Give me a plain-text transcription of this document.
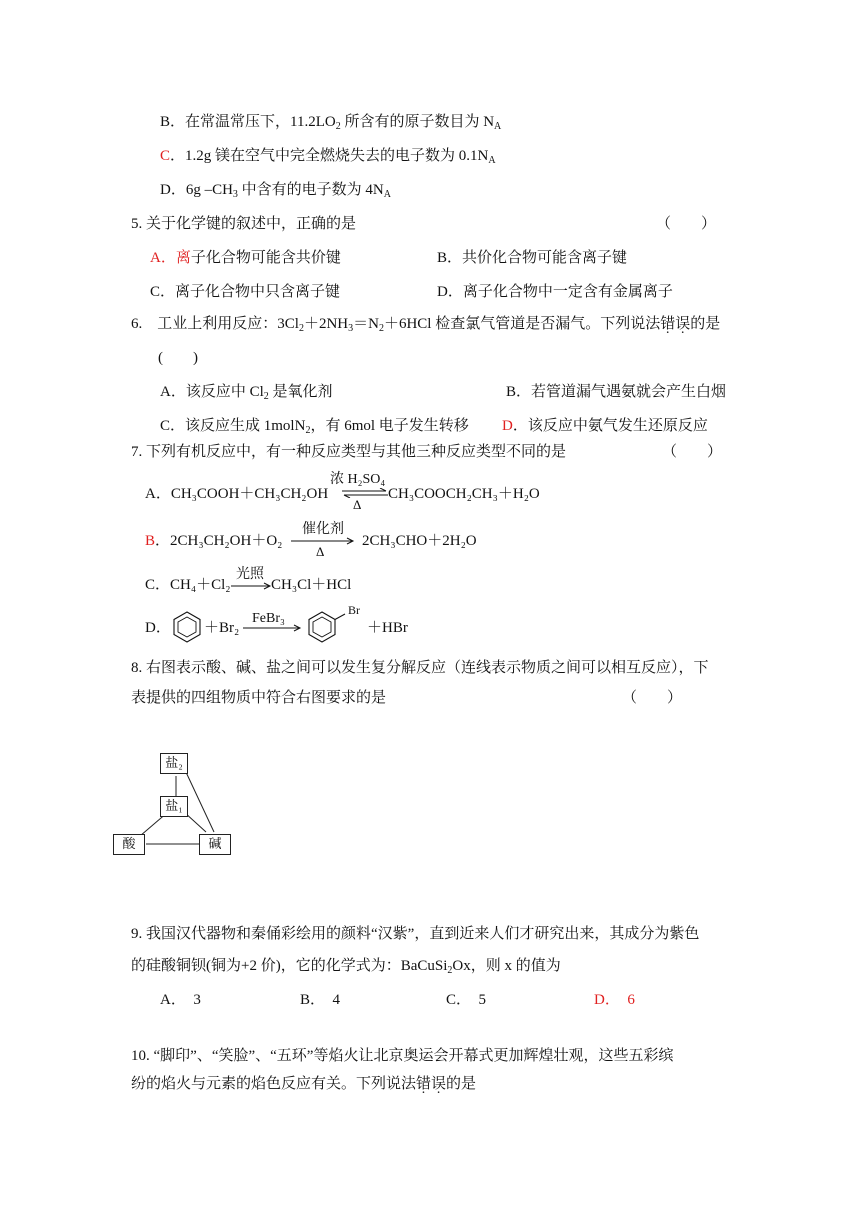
B．在常温常压下，$11.2LO_2$ 所含有的原子数目为 $N_A$
C．1.2g 镁在空气中完全燃烧失去的电子数为 $0.1N_A$
D．6g $-CH_3$ 中含有的电子数为 $4N_A$
5. 关于化学键的叙述中，正确的是	（　　）
A．离子化合物可能含共价键	B．共价化合物可能含离子键
C．离子化合物中只含离子键	D．离子化合物中一定含有金属离子
6.　工业上利用反应：$3Cl_2+2NH_3=N_2+6HCl$ 检查氯气管道是否漏气。下列说法错误的是
(　　)
A．该反应中 $Cl_2$ 是氧化剂	B．若管道漏气遇氨就会产生白烟
C．该反应生成 1molN$_2$，有 6mol 电子发生转移 D．该反应中氨气发生还原反应
7. 下列有机反应中，有一种反应类型与其他三种反应类型不同的是	（　　）
A．CH₃COOH＋CH₃CH₂OH
浓 H₂SO₄
Δ
CH₃COOCH₂CH₃＋H₂O
B．2CH₃CH₂OH＋O₂
催化剂
Δ
2CH₃CHO＋2H₂O
C．CH₄＋Cl₂
光照
CH₃Cl＋HCl
D． ＋Br₂
FeBr₃
Br
＋HBr
8. 右图表示酸、碱、盐之间可以发生复分解反应（连线表示物质之间可以相互反应），下
表提供的四组物质中符合右图要求的是	（　　）
盐₂
盐₁
酸	碱
9. 我国汉代器物和秦俑彩绘用的颜料“汉紫”，直到近来人们才研究出来，其成分为紫色
的硅酸铜钡(铜为+2 价)，它的化学式为：BaCuSi$_2$Ox，则 x 的值为
A．　3	B．　4	C．　5	D．　6
10. “脚印”、“笑脸”、“五环”等焰火让北京奥运会开幕式更加辉煌壮观，这些五彩缤
纷的焰火与元素的焰色反应有关。下列说法错误的是
